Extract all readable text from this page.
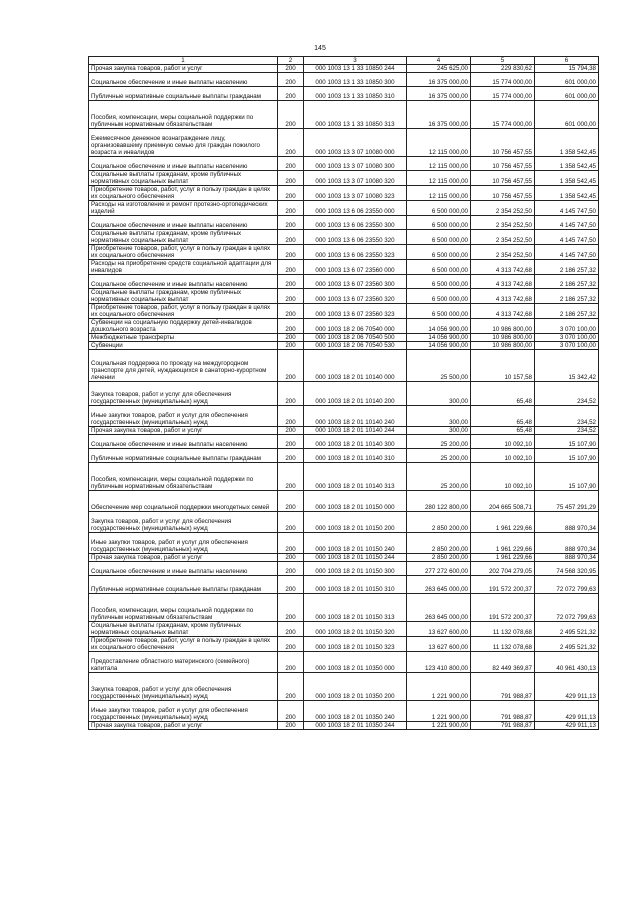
145
1	2	3	4	5	6
Прочая закупка товаров, работ и услуг	200	000 1003 13 1 33 10850 244	245 625,00	229 830,62	15 794,38
Социальное обеспечение и иные выплаты населению	200	000 1003 13 1 33 10850 300	16 375 000,00	15 774 000,00	601 000,00
Публичные нормативные социальные выплаты гражданам	200	000 1003 13 1 33 10850 310	16 375 000,00	15 774 000,00	601 000,00
Пособия, компенсации, меры социальной поддержки по публичным нормативным обязательствам	200	000 1003 13 1 33 10850 313	16 375 000,00	15 774 000,00	601 000,00
Ежемесячное денежное вознаграждение лицу, организовавшему приемную семью для граждан пожилого возраста и инвалидов	200	000 1003 13 3 07 10080 000	12 115 000,00	10 756 457,55	1 358 542,45
Социальное обеспечение и иные выплаты населению	200	000 1003 13 3 07 10080 300	12 115 000,00	10 756 457,55	1 358 542,45
Социальные выплаты гражданам, кроме публичных нормативных социальных выплат	200	000 1003 13 3 07 10080 320	12 115 000,00	10 756 457,55	1 358 542,45
Приобретение товаров, работ, услуг в пользу граждан в целях их социального обеспечения	200	000 1003 13 3 07 10080 323	12 115 000,00	10 756 457,55	1 358 542,45
Расходы на изготовление и ремонт протезно-ортопедических изделий	200	000 1003 13 6 06 23550 000	6 500 000,00	2 354 252,50	4 145 747,50
Социальное обеспечение и иные выплаты населению	200	000 1003 13 6 06 23550 300	6 500 000,00	2 354 252,50	4 145 747,50
Социальные выплаты гражданам, кроме публичных нормативных социальных выплат	200	000 1003 13 6 06 23550 320	6 500 000,00	2 354 252,50	4 145 747,50
Приобретение товаров, работ, услуг в пользу граждан в целях их социального обеспечения	200	000 1003 13 6 06 23550 323	6 500 000,00	2 354 252,50	4 145 747,50
Расходы на приобретение средств социальной адаптации для инвалидов	200	000 1003 13 6 07 23560 000	6 500 000,00	4 313 742,68	2 186 257,32
Социальное обеспечение и иные выплаты населению	200	000 1003 13 6 07 23560 300	6 500 000,00	4 313 742,68	2 186 257,32
Социальные выплаты гражданам, кроме публичных нормативных социальных выплат	200	000 1003 13 6 07 23560 320	6 500 000,00	4 313 742,68	2 186 257,32
Приобретение товаров, работ, услуг в пользу граждан в целях их социального обеспечения	200	000 1003 13 6 07 23560 323	6 500 000,00	4 313 742,68	2 186 257,32
Субвенции на социальную поддержку детей-инвалидов дошкольного возраста	200	000 1003 18 2 06 70540 000	14 056 900,00	10 986 800,00	3 070 100,00
Межбюджетные трансферты	200	000 1003 18 2 06 70540 500	14 056 900,00	10 986 800,00	3 070 100,00
Субвенции	200	000 1003 18 2 06 70540 530	14 056 900,00	10 986 800,00	3 070 100,00
Социальная поддержка по проезду на междугородном транспорте для детей, нуждающихся в санаторно-курортном лечении	200	000 1003 18 2 01 10140 000	25 500,00	10 157,58	15 342,42
Закупка товаров, работ и услуг для обеспечения государственных (муниципальных) нужд	200	000 1003 18 2 01 10140 200	300,00	65,48	234,52
Иные закупки товаров, работ и услуг для обеспечения государственных (муниципальных) нужд	200	000 1003 18 2 01 10140 240	300,00	65,48	234,52
Прочая закупка товаров, работ и услуг	200	000 1003 18 2 01 10140 244	300,00	65,48	234,52
Социальное обеспечение и иные выплаты населению	200	000 1003 18 2 01 10140 300	25 200,00	10 092,10	15 107,90
Публичные нормативные социальные выплаты гражданам	200	000 1003 18 2 01 10140 310	25 200,00	10 092,10	15 107,90
Пособия, компенсации, меры социальной поддержки по публичным нормативным обязательствам	200	000 1003 18 2 01 10140 313	25 200,00	10 092,10	15 107,90
Обеспечение мер социальной поддержки многодетных семей	200	000 1003 18 2 01 10150 000	280 122 800,00	204 665 508,71	75 457 291,29
Закупка товаров, работ и услуг для обеспечения государственных (муниципальных) нужд	200	000 1003 18 2 01 10150 200	2 850 200,00	1 961 229,66	888 970,34
Иные закупки товаров, работ и услуг для обеспечения государственных (муниципальных) нужд	200	000 1003 18 2 01 10150 240	2 850 200,00	1 961 229,66	888 970,34
Прочая закупка товаров, работ и услуг	200	000 1003 18 2 01 10150 244	2 850 200,00	1 961 229,66	888 970,34
Социальное обеспечение и иные выплаты населению	200	000 1003 18 2 01 10150 300	277 272 600,00	202 704 279,05	74 568 320,95
Публичные нормативные социальные выплаты гражданам	200	000 1003 18 2 01 10150 310	263 645 000,00	191 572 200,37	72 072 799,63
Пособия, компенсации, меры социальной поддержки по публичным нормативным обязательствам	200	000 1003 18 2 01 10150 313	263 645 000,00	191 572 200,37	72 072 799,63
Социальные выплаты гражданам, кроме публичных нормативных социальных выплат	200	000 1003 18 2 01 10150 320	13 627 600,00	11 132 078,68	2 495 521,32
Приобретение товаров, работ, услуг в пользу граждан в целях их социального обеспечения	200	000 1003 18 2 01 10150 323	13 627 600,00	11 132 078,68	2 495 521,32
Предоставление областного материнского (семейного) капитала	200	000 1003 18 2 01 10350 000	123 410 800,00	82 449 369,87	40 961 430,13
Закупка товаров, работ и услуг для обеспечения государственных (муниципальных) нужд	200	000 1003 18 2 01 10350 200	1 221 900,00	791 988,87	429 911,13
Иные закупки товаров, работ и услуг для обеспечения государственных (муниципальных) нужд	200	000 1003 18 2 01 10350 240	1 221 900,00	791 988,87	429 911,13
Прочая закупка товаров, работ и услуг	200	000 1003 18 2 01 10350 244	1 221 900,00	791 988,87	429 911,13
